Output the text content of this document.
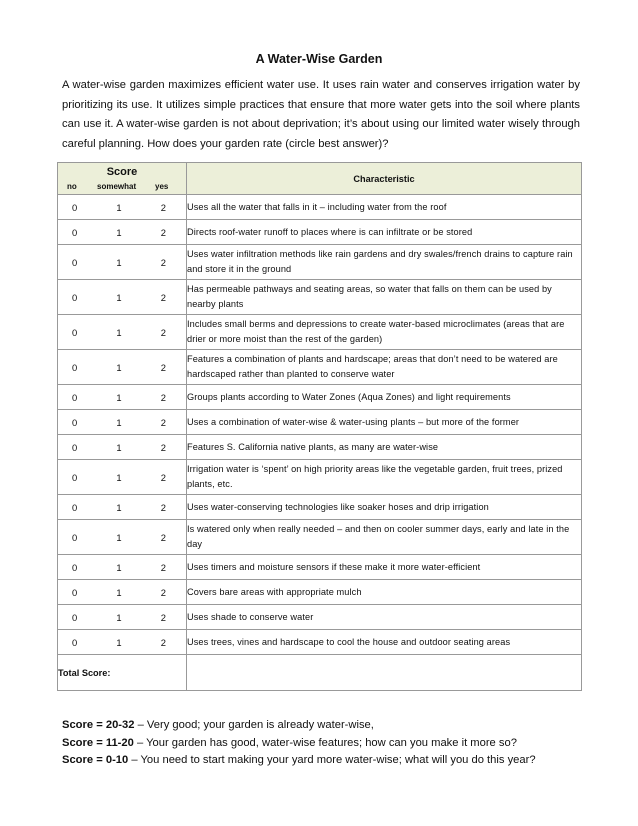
A Water-Wise Garden
A water-wise garden maximizes efficient water use. It uses rain water and conserves irrigation water by prioritizing its use. It utilizes simple practices that ensure that more water gets into the soil where plants can use it. A water-wise garden is not about deprivation; it’s about using our limited water wisely through careful planning. How does your garden rate (circle best answer)?
Score
no somewhat yes	Characteristic

0 1 2	Uses all the water that falls in it – including water from the roof

0 1 2	Directs roof-water runoff to places where is can infiltrate or be stored

0 1 2	Uses water infiltration methods like rain gardens and dry swales/french drains to capture rain and store it in the ground

0 1 2	Has permeable pathways and seating areas, so water that falls on them can be used by nearby plants

0 1 2	Includes small berms and depressions to create water-based microclimates (areas that are drier or more moist than the rest of the garden)

0 1 2	Features a combination of plants and hardscape; areas that don’t need to be watered are hardscaped rather than planted to conserve water

0 1 2	Groups plants according to Water Zones (Aqua Zones) and light requirements

0 1 2	Uses a combination of water-wise & water-using plants – but more of the former

0 1 2	Features S. California native plants, as many are water-wise

0 1 2	Irrigation water is ‘spent’ on high priority areas like the vegetable garden, fruit trees, prized plants, etc.

0 1 2	Uses water-conserving technologies like soaker hoses and drip irrigation

0 1 2	Is watered only when really needed – and then on cooler summer days, early and late in the day

0 1 2	Uses timers and moisture sensors if these make it more water-efficient

0 1 2	Covers bare areas with appropriate mulch

0 1 2	Uses shade to conserve water

0 1 2	Uses trees, vines and hardscape to cool the house and outdoor seating areas
Total Score:	
Score = 20-32 – Very good; your garden is already water-wise,
Score = 11-20 – Your garden has good, water-wise features; how can you make it more so?
Score = 0-10 – You need to start making your yard more water-wise; what will you do this year?
